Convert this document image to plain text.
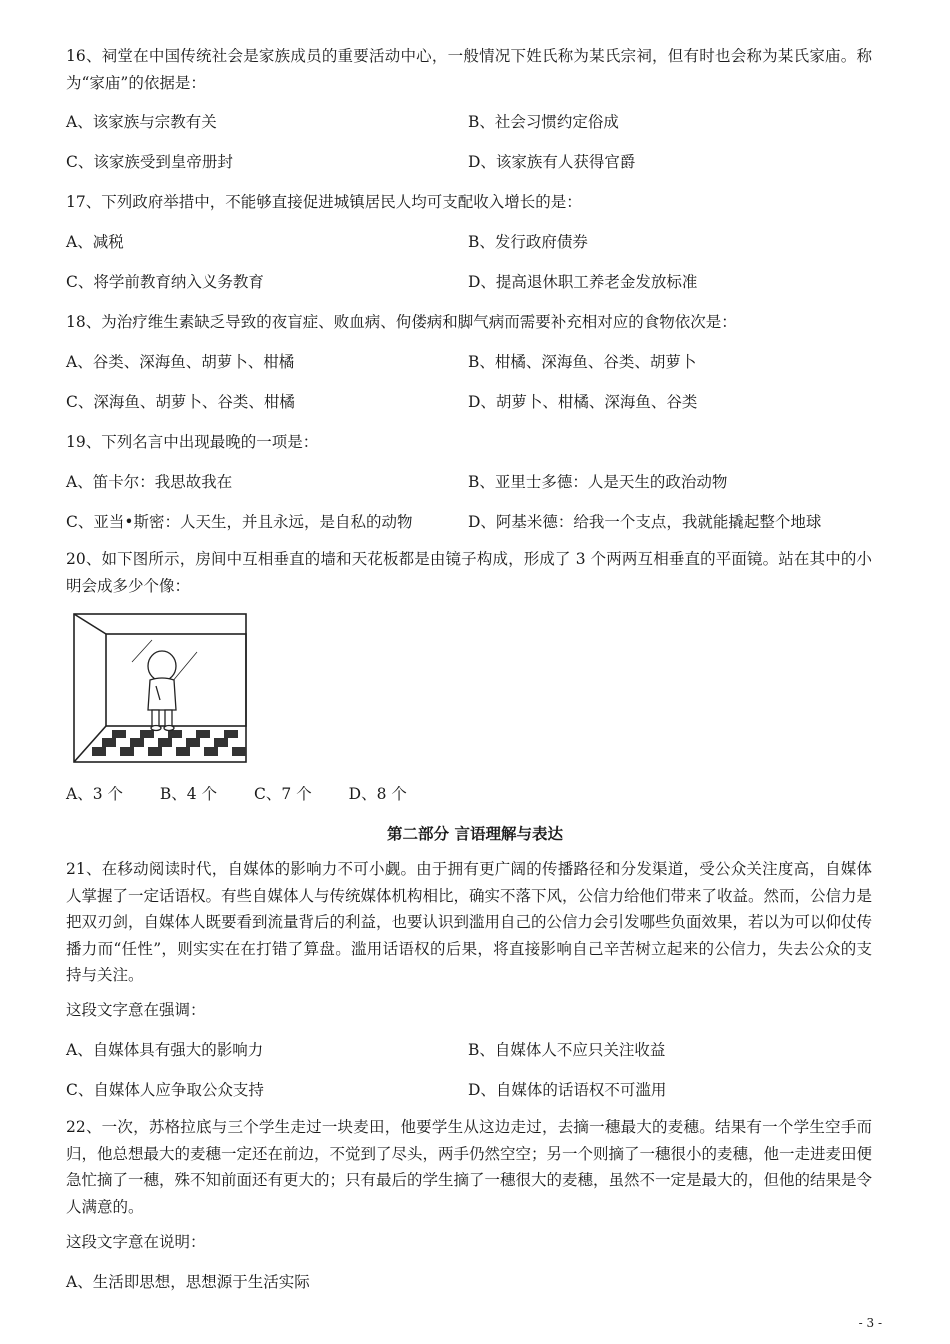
16、祠堂在中国传统社会是家族成员的重要活动中心，一般情况下姓氏称为某氏宗祠，但有时也会称为某氏家庙。称为“家庙”的依据是：
A、该家族与宗教有关	B、社会习惯约定俗成
C、该家族受到皇帝册封	D、该家族有人获得官爵
17、下列政府举措中，不能够直接促进城镇居民人均可支配收入增长的是：
A、减税	B、发行政府债券
C、将学前教育纳入义务教育	D、提高退休职工养老金发放标准
18、为治疗维生素缺乏导致的夜盲症、败血病、佝偻病和脚气病而需要补充相对应的食物依次是：
A、谷类、深海鱼、胡萝卜、柑橘	B、柑橘、深海鱼、谷类、胡萝卜
C、深海鱼、胡萝卜、谷类、柑橘	D、胡萝卜、柑橘、深海鱼、谷类
19、下列名言中出现最晚的一项是：
A、笛卡尔：我思故我在	B、亚里士多德：人是天生的政治动物
C、亚当•斯密：人天生，并且永远，是自私的动物	D、阿基米德：给我一个支点，我就能撬起整个地球
20、如下图所示，房间中互相垂直的墙和天花板都是由镜子构成，形成了 3 个两两互相垂直的平面镜。站在其中的小明会成多少个像：
A、3 个 B、4 个 C、7 个 D、8 个
第二部分 言语理解与表达
21、在移动阅读时代，自媒体的影响力不可小觑。由于拥有更广阔的传播路径和分发渠道，受公众关注度高，自媒体人掌握了一定话语权。有些自媒体人与传统媒体机构相比，确实不落下风，公信力给他们带来了收益。然而，公信力是把双刃剑，自媒体人既要看到流量背后的利益，也要认识到滥用自己的公信力会引发哪些负面效果，若以为可以仰仗传播力而“任性”，则实实在在打错了算盘。滥用话语权的后果，将直接影响自己辛苦树立起来的公信力，失去公众的支持与关注。
这段文字意在强调：
A、自媒体具有强大的影响力	B、自媒体人不应只关注收益
C、自媒体人应争取公众支持	D、自媒体的话语权不可滥用
22、一次，苏格拉底与三个学生走过一块麦田，他要学生从这边走过，去摘一穗最大的麦穗。结果有一个学生空手而归，他总想最大的麦穗一定还在前边，不觉到了尽头，两手仍然空空；另一个则摘了一穗很小的麦穗，他一走进麦田便急忙摘了一穗，殊不知前面还有更大的；只有最后的学生摘了一穗很大的麦穗，虽然不一定是最大的，但他的结果是令人满意的。
这段文字意在说明：
A、生活即思想，思想源于生活实际
- 3 -
